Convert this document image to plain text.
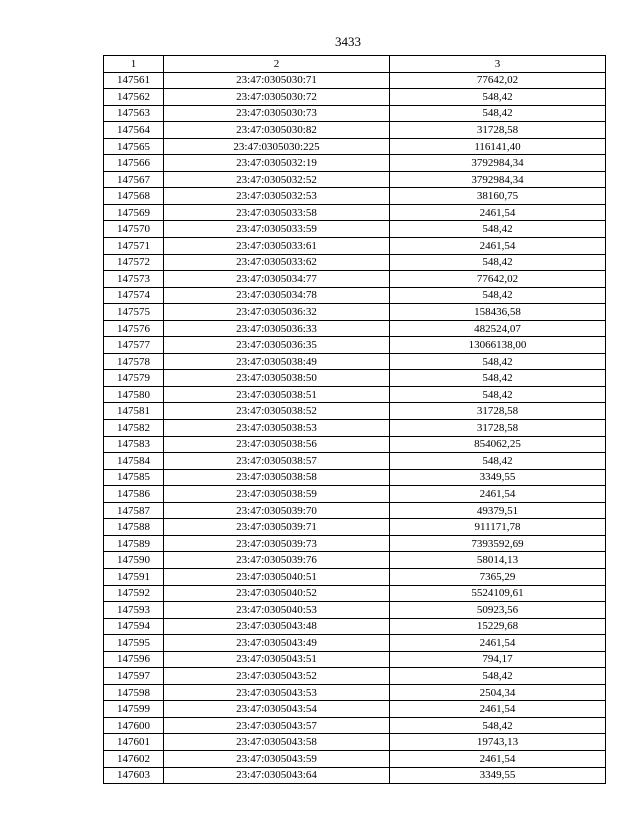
3433
1	2	3
147561	23:47:0305030:71	77642,02
147562	23:47:0305030:72	548,42
147563	23:47:0305030:73	548,42
147564	23:47:0305030:82	31728,58
147565	23:47:0305030:225	116141,40
147566	23:47:0305032:19	3792984,34
147567	23:47:0305032:52	3792984,34
147568	23:47:0305032:53	38160,75
147569	23:47:0305033:58	2461,54
147570	23:47:0305033:59	548,42
147571	23:47:0305033:61	2461,54
147572	23:47:0305033:62	548,42
147573	23:47:0305034:77	77642,02
147574	23:47:0305034:78	548,42
147575	23:47:0305036:32	158436,58
147576	23:47:0305036:33	482524,07
147577	23:47:0305036:35	13066138,00
147578	23:47:0305038:49	548,42
147579	23:47:0305038:50	548,42
147580	23:47:0305038:51	548,42
147581	23:47:0305038:52	31728,58
147582	23:47:0305038:53	31728,58
147583	23:47:0305038:56	854062,25
147584	23:47:0305038:57	548,42
147585	23:47:0305038:58	3349,55
147586	23:47:0305038:59	2461,54
147587	23:47:0305039:70	49379,51
147588	23:47:0305039:71	911171,78
147589	23:47:0305039:73	7393592,69
147590	23:47:0305039:76	58014,13
147591	23:47:0305040:51	7365,29
147592	23:47:0305040:52	5524109,61
147593	23:47:0305040:53	50923,56
147594	23:47:0305043:48	15229,68
147595	23:47:0305043:49	2461,54
147596	23:47:0305043:51	794,17
147597	23:47:0305043:52	548,42
147598	23:47:0305043:53	2504,34
147599	23:47:0305043:54	2461,54
147600	23:47:0305043:57	548,42
147601	23:47:0305043:58	19743,13
147602	23:47:0305043:59	2461,54
147603	23:47:0305043:64	3349,55
